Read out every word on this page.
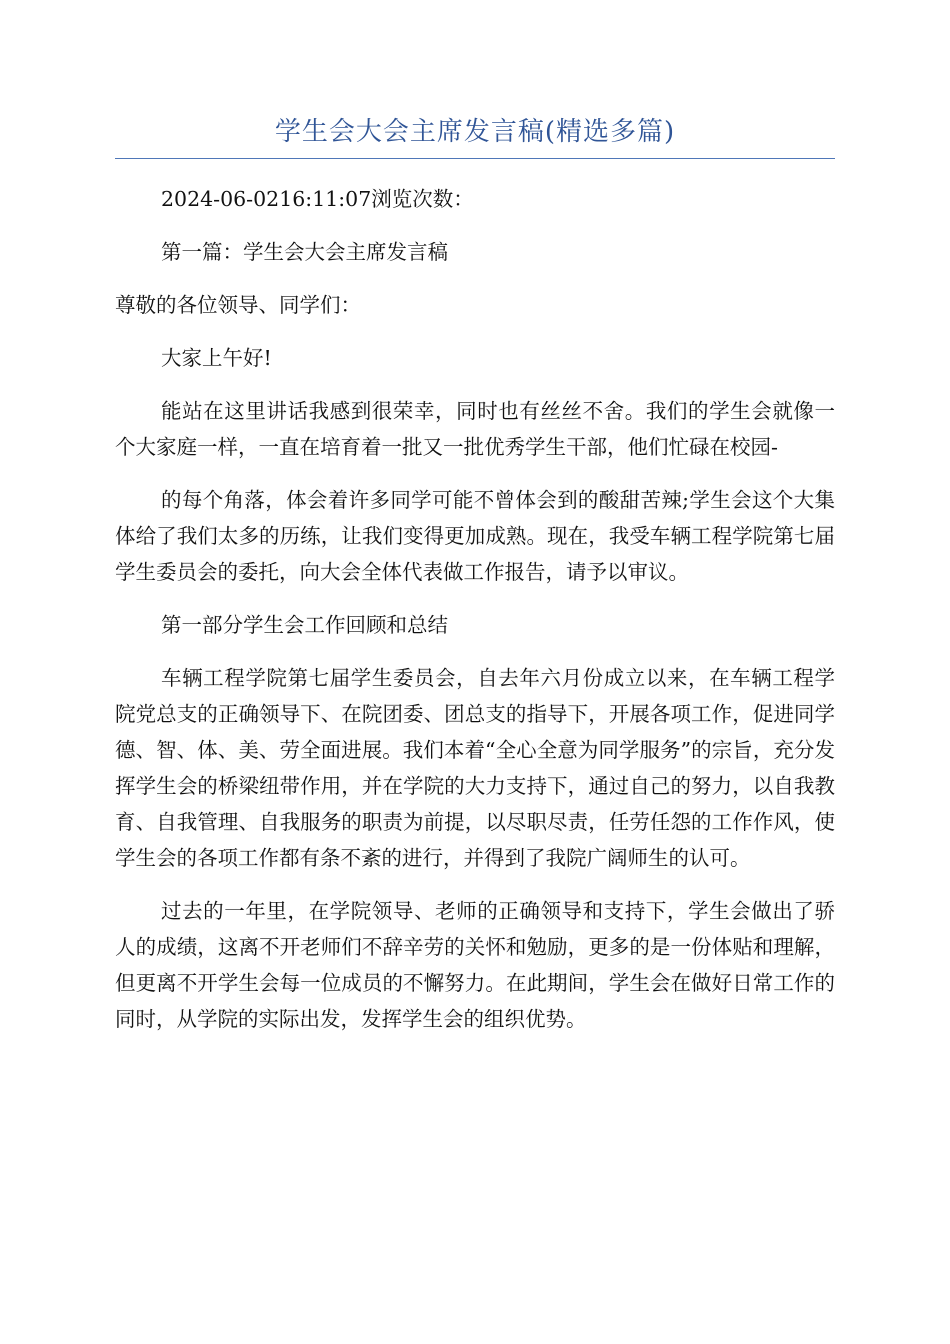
学生会大会主席发言稿(精选多篇)

2024-06-0216:11:07浏览次数：

第一篇：学生会大会主席发言稿

尊敬的各位领导、同学们：

大家上午好!

能站在这里讲话我感到很荣幸，同时也有丝丝不舍。我们的学生会就像一个大家庭一样，一直在培育着一批又一批优秀学生干部，他们忙碌在校园-

的每个角落，体会着许多同学可能不曾体会到的酸甜苦辣;学生会这个大集体给了我们太多的历练，让我们变得更加成熟。现在，我受车辆工程学院第七届学生委员会的委托，向大会全体代表做工作报告，请予以审议。

第一部分学生会工作回顾和总结

车辆工程学院第七届学生委员会，自去年六月份成立以来，在车辆工程学院党总支的正确领导下、在院团委、团总支的指导下，开展各项工作，促进同学德、智、体、美、劳全面进展。我们本着“全心全意为同学服务”的宗旨，充分发挥学生会的桥梁纽带作用，并在学院的大力支持下，通过自己的努力，以自我教育、自我管理、自我服务的职责为前提，以尽职尽责，任劳任怨的工作作风，使学生会的各项工作都有条不紊的进行，并得到了我院广阔师生的认可。

过去的一年里，在学院领导、老师的正确领导和支持下，学生会做出了骄人的成绩，这离不开老师们不辞辛劳的关怀和勉励，更多的是一份体贴和理解，但更离不开学生会每一位成员的不懈努力。在此期间，学生会在做好日常工作的同时，从学院的实际出发，发挥学生会的组织优势。
